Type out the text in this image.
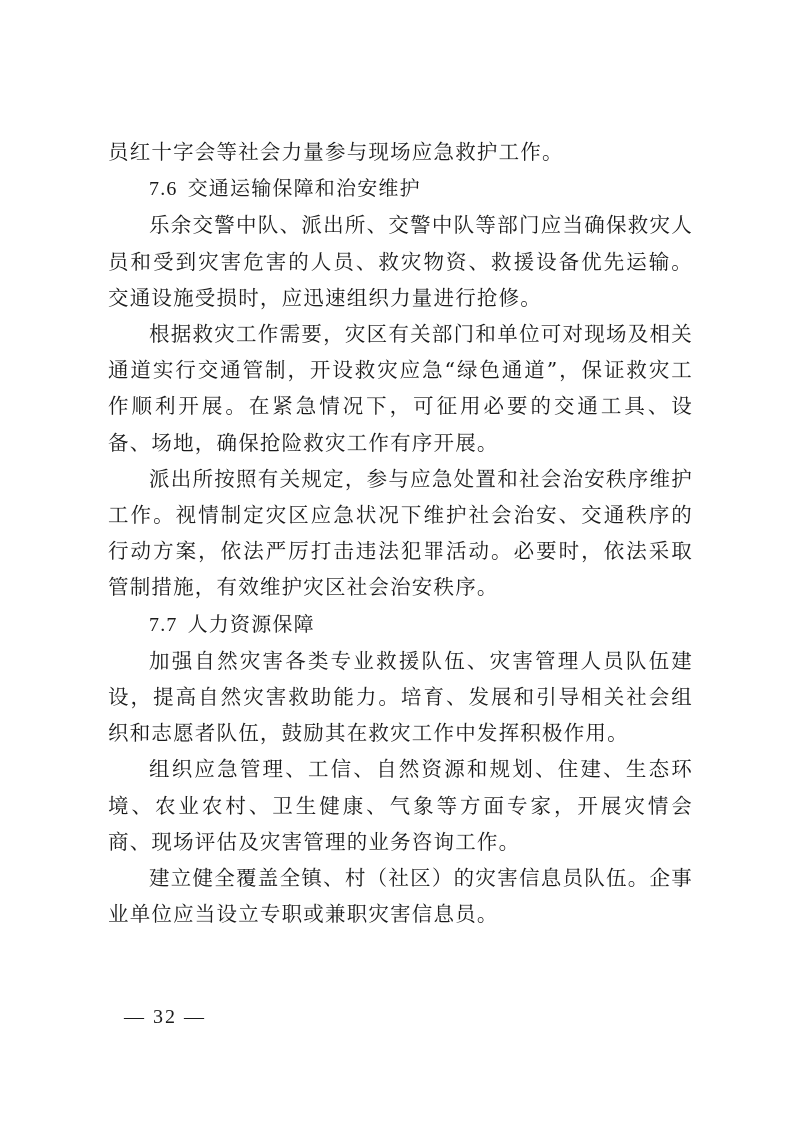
员红十字会等社会力量参与现场应急救护工作。

7.6 交通运输保障和治安维护

乐余交警中队、派出所、交警中队等部门应当确保救灾人员和受到灾害危害的人员、救灾物资、救援设备优先运输。交通设施受损时，应迅速组织力量进行抢修。

根据救灾工作需要，灾区有关部门和单位可对现场及相关通道实行交通管制，开设救灾应急“绿色通道”，保证救灾工作顺利开展。在紧急情况下，可征用必要的交通工具、设备、场地，确保抢险救灾工作有序开展。

派出所按照有关规定，参与应急处置和社会治安秩序维护工作。视情制定灾区应急状况下维护社会治安、交通秩序的行动方案，依法严厉打击违法犯罪活动。必要时，依法采取管制措施，有效维护灾区社会治安秩序。

7.7 人力资源保障

加强自然灾害各类专业救援队伍、灾害管理人员队伍建设，提高自然灾害救助能力。培育、发展和引导相关社会组织和志愿者队伍，鼓励其在救灾工作中发挥积极作用。

组织应急管理、工信、自然资源和规划、住建、生态环境、农业农村、卫生健康、气象等方面专家，开展灾情会商、现场评估及灾害管理的业务咨询工作。

建立健全覆盖全镇、村（社区）的灾害信息员队伍。企事业单位应当设立专职或兼职灾害信息员。

— 32 —
